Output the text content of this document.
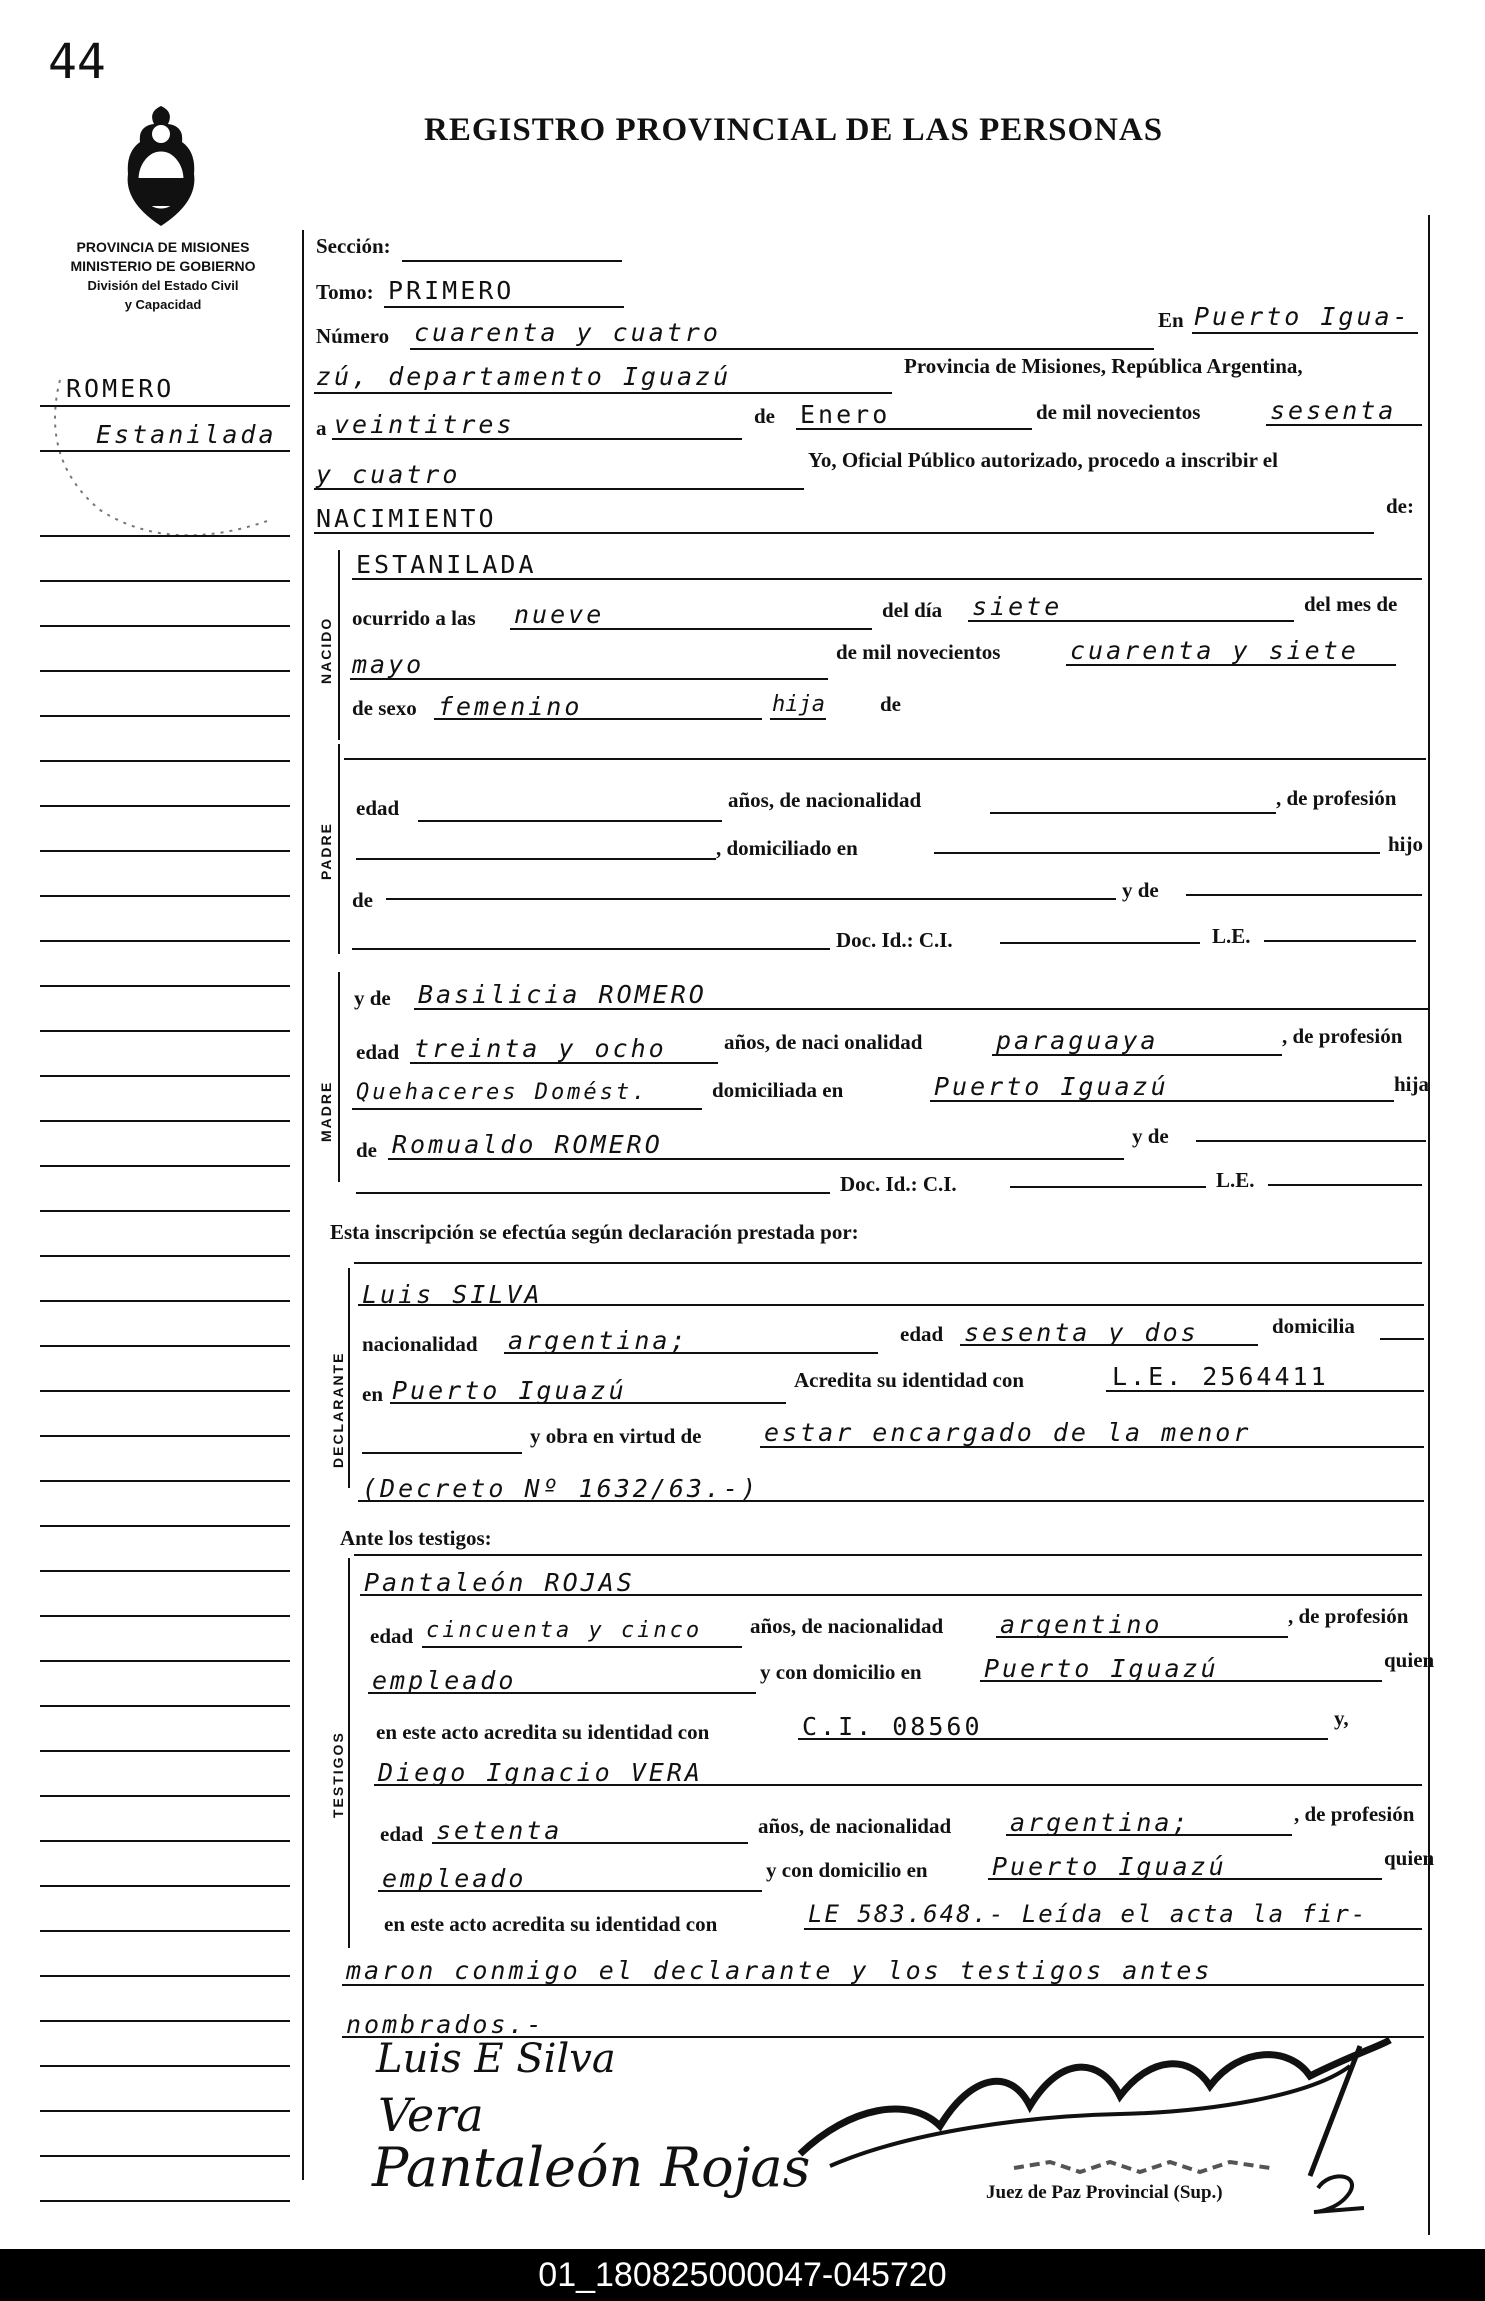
44
REGISTRO PROVINCIAL DE LAS PERSONAS
PROVINCIA DE MISIONES
MINISTERIO DE GOBIERNO
División del Estado Civil
y Capacidad
ROMERO
Estanilada
Sección:
Tomo: PRIMERO
Número cuarenta y cuatro	En Puerto Igua-
zú, departamento Iguazú	Provincia de Misiones, República Argentina,
a veintitres	de Enero	de mil novecientos	sesenta
y cuatro	Yo, Oficial Público autorizado, procedo a inscribir el
NACIMIENTO	de:
NACIDO
ESTANILADA
ocurrido a las nueve	del día siete	del mes de
mayo	de mil novecientos	cuarenta y siete
de sexo femenino	hija	de
PADRE
edad	años, de nacionalidad	, de profesión
, domiciliado en	hijo
de	y de
Doc. Id.: C.I.	L.E.
MADRE
y de Basilicia ROMERO
edad treinta y ocho	años, de naci onalidad	paraguaya	, de profesión
Quehaceres Domést.	domiciliada en	Puerto Iguazú	hija
de Romualdo ROMERO	y de
Doc. Id.: C.I.	L.E.
Esta inscripción se efectúa según declaración prestada por:
DECLARANTE
Luis SILVA
nacionalidad argentina;	edad sesenta y dos	domicilia
en Puerto Iguazú	Acredita su identidad con	L.E. 2564411
y obra en virtud de estar encargado de la menor
(Decreto Nº 1632/63.-)
Ante los testigos:
TESTIGOS
Pantaleón ROJAS
edad cincuenta y cinco años, de nacionalidad argentino	, de profesión
empleado	y con domicilio en Puerto Iguazú	quien
en este acto acredita su identidad con	C.I. 08560	y,
Diego Ignacio VERA
edad setenta	años, de nacionalidad argentina;	, de profesión
empleado	y con domicilio en	Puerto Iguazú	quien
en este acto acredita su identidad con	LE 583.648.- Leída el acta la fir-
maron conmigo el declarante y los testigos antes
nombrados.-
Luis E Silva
Vera
Pantaleón Rojas	Juez de Paz Provincial (Sup.)
01_180825000047-045720
